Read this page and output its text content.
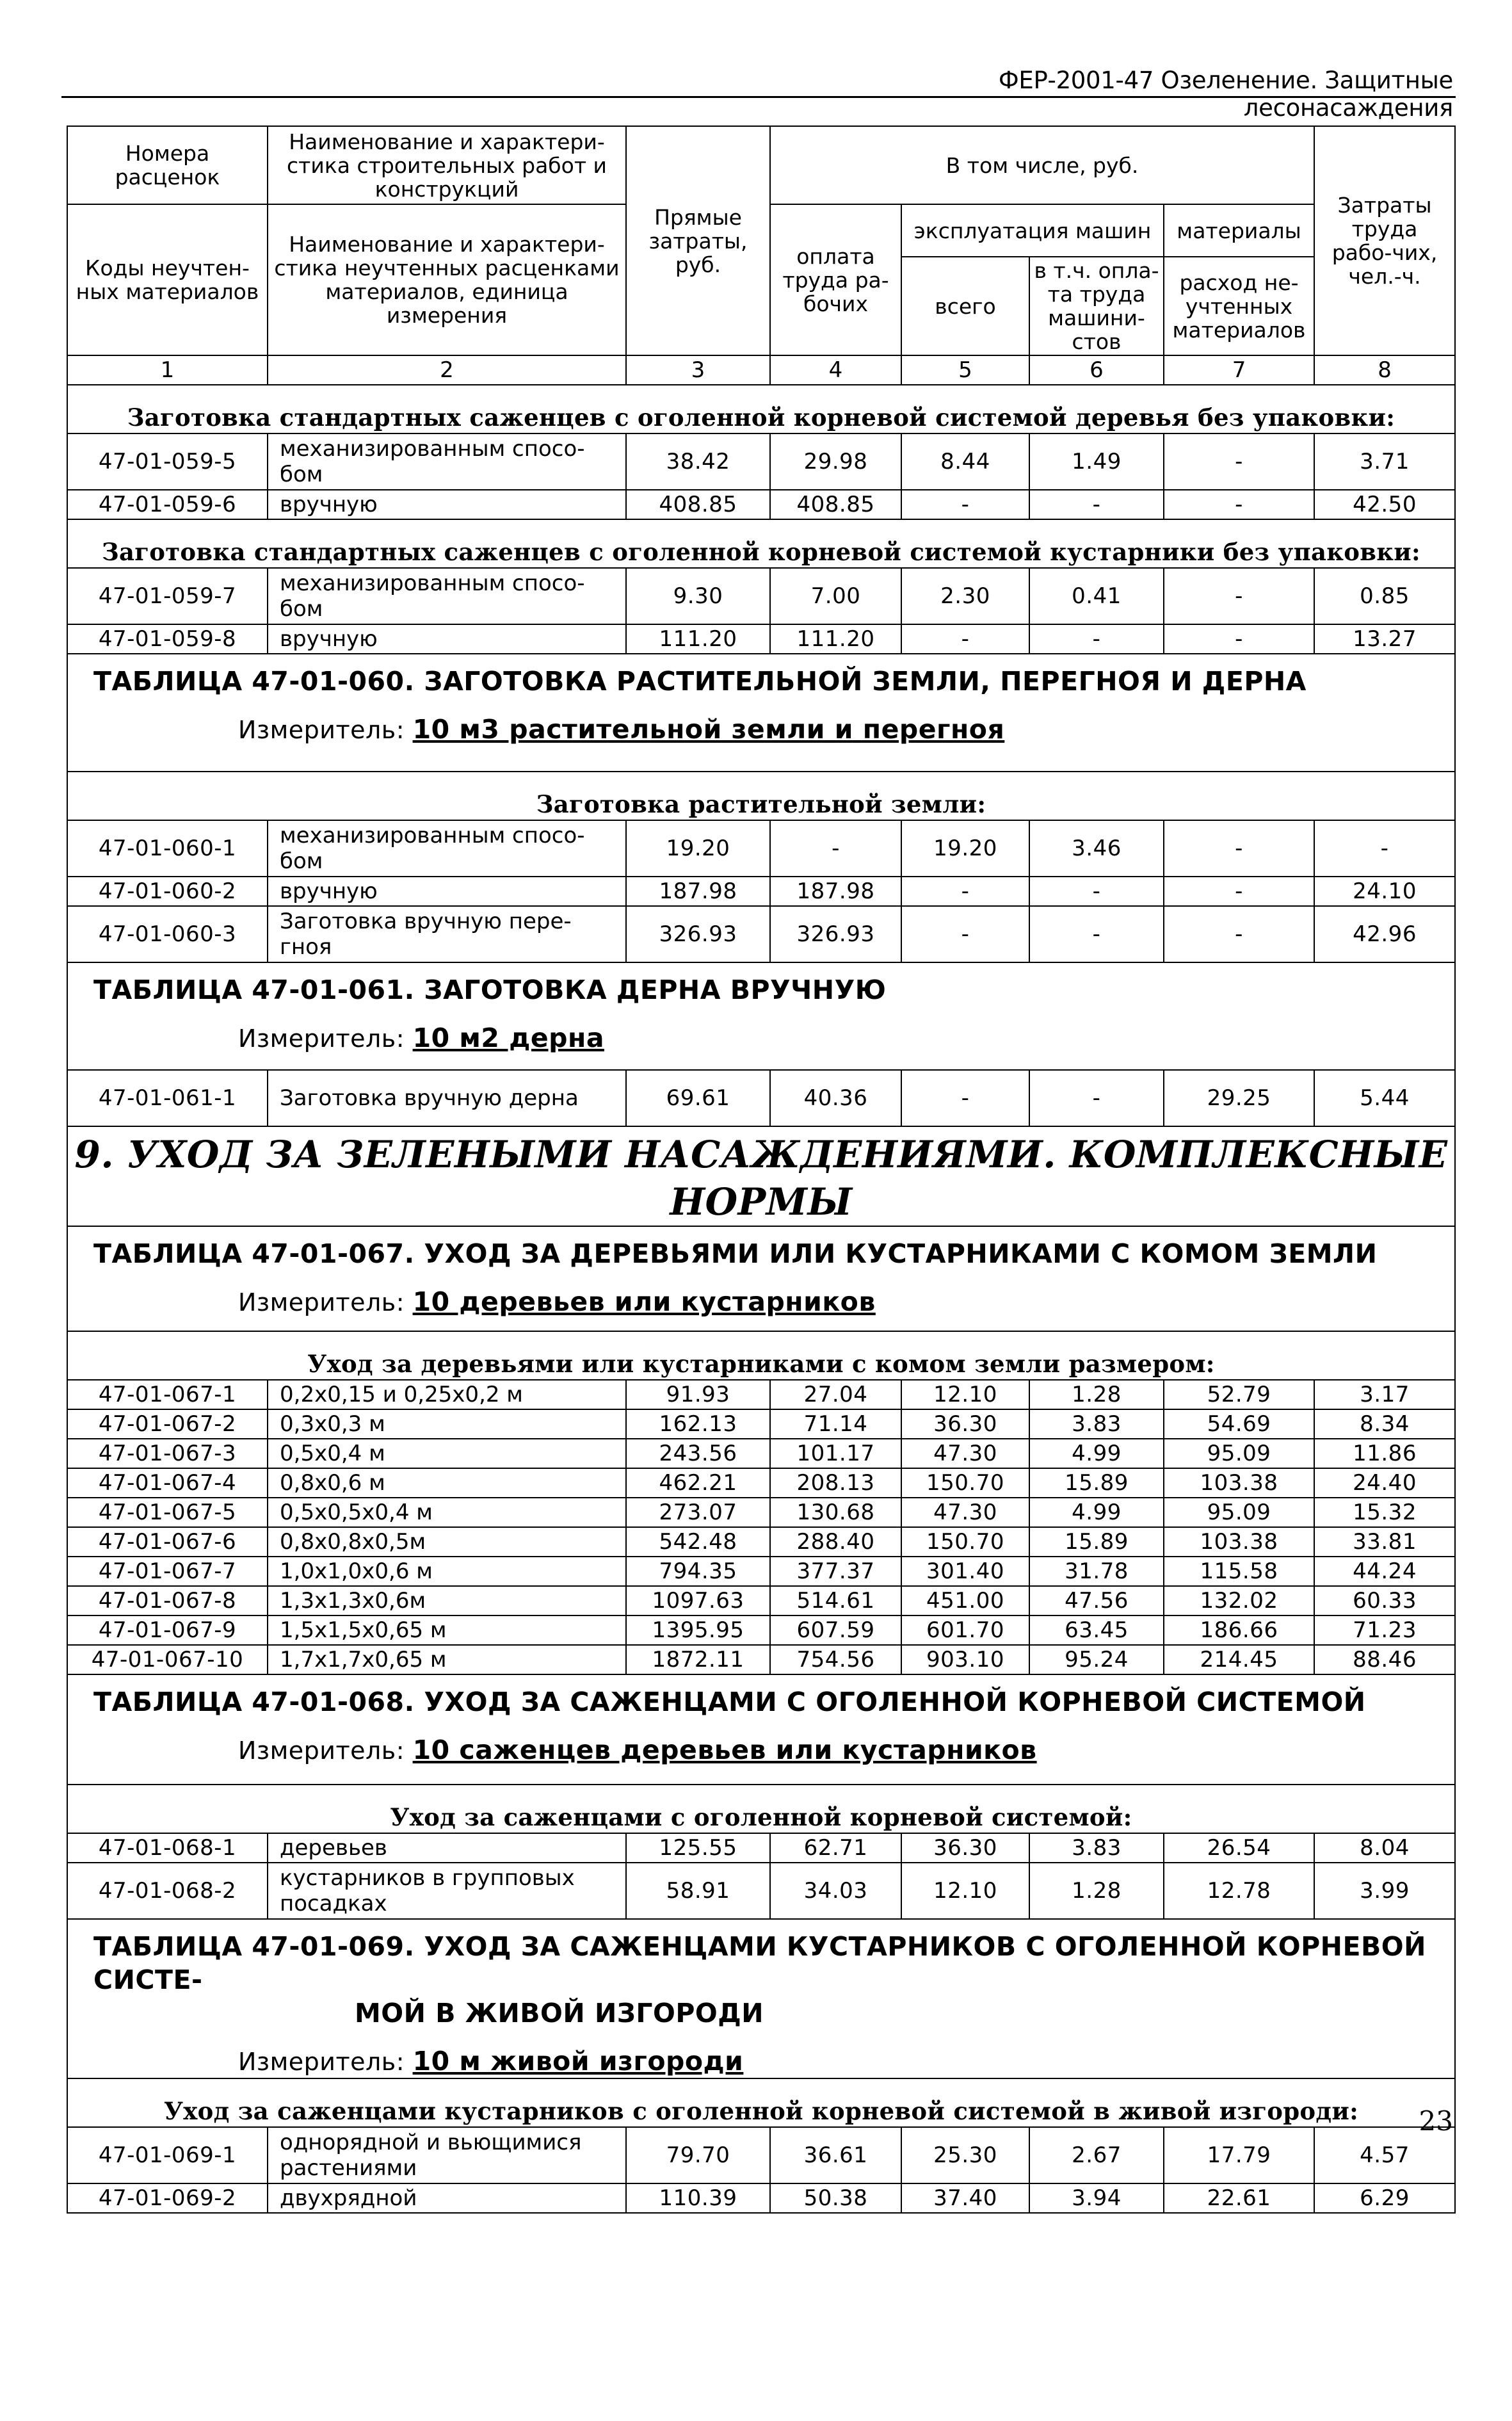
ФЕР-2001-47 Озеленение. Защитные лесонасаждения
Номера расценок	Наименование и характери-стика строительных работ и конструкций	Прямые затраты, руб.	В том числе, руб.				Затраты труда рабо-чих, чел.-ч.
Коды неучтен-ных материалов	Наименование и характери-стика неучтенных расценками материалов, единица измерения		оплата труда ра-бочих	эксплуатация машин		материалы	
				всего	в т.ч. опла-та труда машини-стов	расход не-учтенных материалов	
1	2	3	4	5	6	7	8
Заготовка стандартных саженцев с оголенной корневой системой деревья без упаковки:							
47-01-059-5	механизированным спосо-бом	38.42	29.98	8.44	1.49	-	3.71
47-01-059-6	вручную	408.85	408.85	-	-	-	42.50
Заготовка стандартных саженцев с оголенной корневой системой кустарники без упаковки:							
47-01-059-7	механизированным спосо-бом	9.30	7.00	2.30	0.41	-	0.85
47-01-059-8	вручную	111.20	111.20	-	-	-	13.27

ТАБЛИЦА 47-01-060. ЗАГОТОВКА РАСТИТЕЛЬНОЙ ЗЕМЛИ, ПЕРЕГНОЯ И ДЕРНА
Измеритель: 10 м3 растительной земли и перегноя							

Заготовка растительной земли:							
47-01-060-1	механизированным спосо-бом	19.20	-	19.20	3.46	-	-
47-01-060-2	вручную	187.98	187.98	-	-	-	24.10
47-01-060-3	Заготовка вручную пере-гноя	326.93	326.93	-	-	-	42.96

ТАБЛИЦА 47-01-061. ЗАГОТОВКА ДЕРНА ВРУЧНУЮ
Измеритель: 10 м2 дерна							

47-01-061-1	Заготовка вручную дерна	69.61	40.36	-	-	29.25	5.44
9. УХОД ЗА ЗЕЛЕНЫМИ НАСАЖДЕНИЯМИ. КОМПЛЕКСНЫЕ НОРМЫ							

ТАБЛИЦА 47-01-067. УХОД ЗА ДЕРЕВЬЯМИ ИЛИ КУСТАРНИКАМИ С КОМОМ ЗЕМЛИ
Измеритель: 10 деревьев или кустарников							

Уход за деревьями или кустарниками с комом земли размером:							
47-01-067-1	0,2х0,15 и 0,25х0,2 м	91.93	27.04	12.10	1.28	52.79	3.17
47-01-067-2	0,3х0,3 м	162.13	71.14	36.30	3.83	54.69	8.34
47-01-067-3	0,5х0,4 м	243.56	101.17	47.30	4.99	95.09	11.86
47-01-067-4	0,8х0,6 м	462.21	208.13	150.70	15.89	103.38	24.40
47-01-067-5	0,5х0,5х0,4 м	273.07	130.68	47.30	4.99	95.09	15.32
47-01-067-6	0,8х0,8х0,5м	542.48	288.40	150.70	15.89	103.38	33.81
47-01-067-7	1,0х1,0х0,6 м	794.35	377.37	301.40	31.78	115.58	44.24
47-01-067-8	1,3х1,3х0,6м	1097.63	514.61	451.00	47.56	132.02	60.33
47-01-067-9	1,5х1,5х0,65 м	1395.95	607.59	601.70	63.45	186.66	71.23
47-01-067-10	1,7х1,7х0,65 м	1872.11	754.56	903.10	95.24	214.45	88.46

ТАБЛИЦА 47-01-068. УХОД ЗА САЖЕНЦАМИ С ОГОЛЕННОЙ КОРНЕВОЙ СИСТЕМОЙ
Измеритель: 10 саженцев деревьев или кустарников							

Уход за саженцами с оголенной корневой системой:							
47-01-068-1	деревьев	125.55	62.71	36.30	3.83	26.54	8.04
47-01-068-2	кустарников в групповых посадках	58.91	34.03	12.10	1.28	12.78	3.99

ТАБЛИЦА 47-01-069. УХОД ЗА САЖЕНЦАМИ КУСТАРНИКОВ С ОГОЛЕННОЙ КОРНЕВОЙ СИСТЕ-
МОЙ В ЖИВОЙ ИЗГОРОДИ
Измеритель: 10 м живой изгороди							

Уход за саженцами кустарников с оголенной корневой системой в живой изгороди:							
47-01-069-1	однорядной и вьющимися растениями	79.70	36.61	25.30	2.67	17.79	4.57
47-01-069-2	двухрядной	110.39	50.38	37.40	3.94	22.61	6.29
23
